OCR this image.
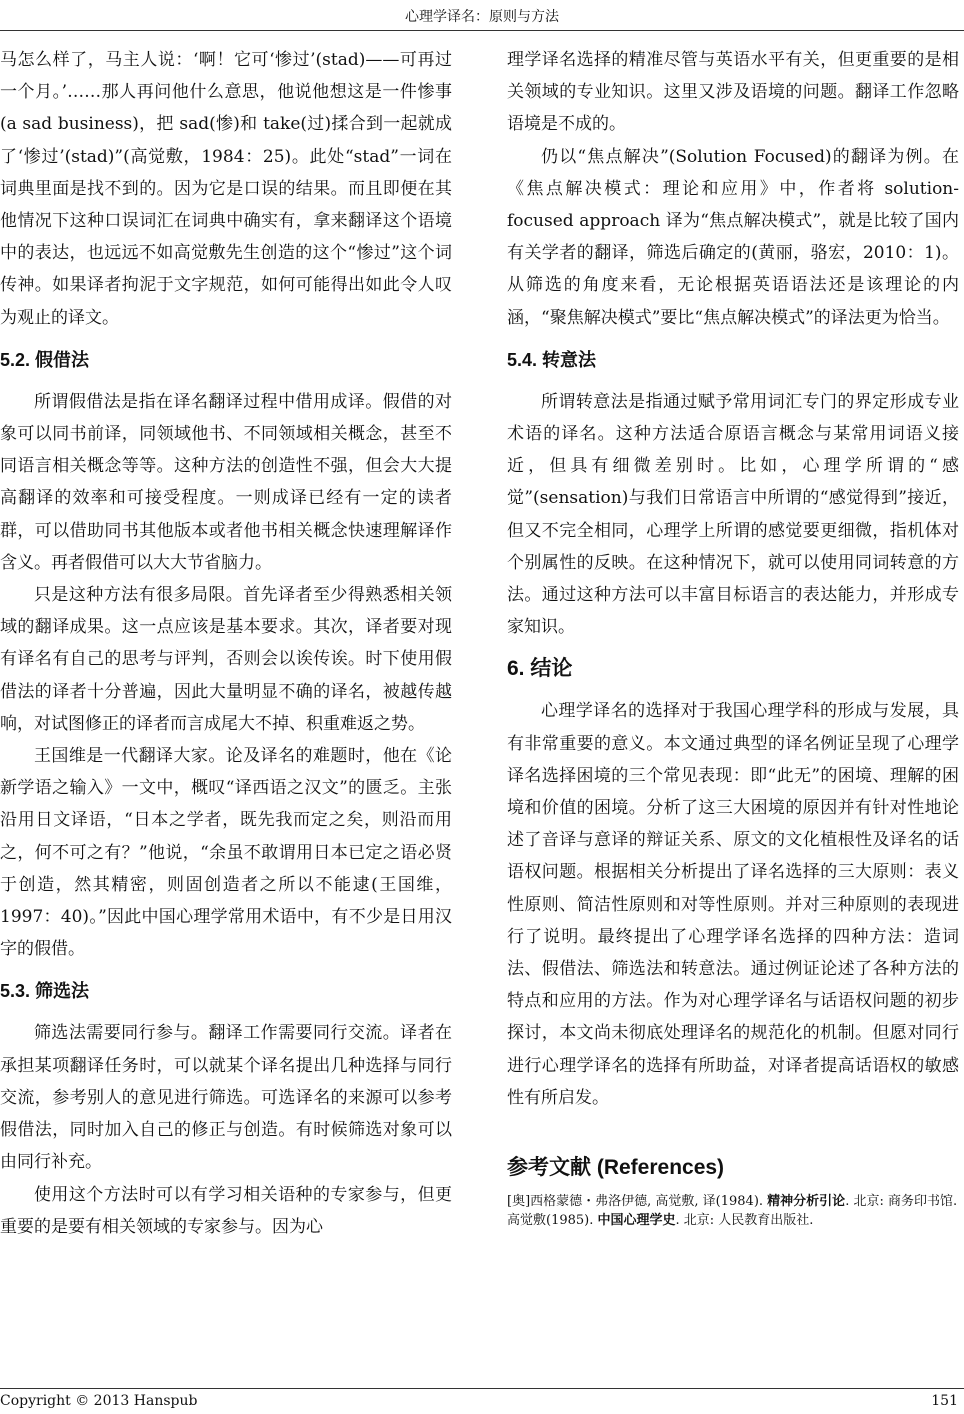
心理学译名：原则与方法

马怎么样了，马主人说：‘啊！它可‘惨过’(stad)——可再过一个月。’……那人再问他什么意思，他说他想这是一件惨事(a sad business)，把 sad(惨)和 take(过)揉合到一起就成了‘惨过’(stad)”(高觉敷，1984：25)。此处“stad”一词在词典里面是找不到的。因为它是口误的结果。而且即便在其他情况下这种口误词汇在词典中确实有，拿来翻译这个语境中的表达，也远远不如高觉敷先生创造的这个“惨过”这个词传神。如果译者拘泥于文字规范，如何可能得出如此令人叹为观止的译文。

5.2. 假借法

所谓假借法是指在译名翻译过程中借用成译。假借的对象可以同书前译，同领域他书、不同领域相关概念，甚至不同语言相关概念等等。这种方法的创造性不强，但会大大提高翻译的效率和可接受程度。一则成译已经有一定的读者群，可以借助同书其他版本或者他书相关概念快速理解译作含义。再者假借可以大大节省脑力。

只是这种方法有很多局限。首先译者至少得熟悉相关领域的翻译成果。这一点应该是基本要求。其次，译者要对现有译名有自己的思考与评判，否则会以诶传诶。时下使用假借法的译者十分普遍，因此大量明显不确的译名，被越传越响，对试图修正的译者而言成尾大不掉、积重难返之势。

王国维是一代翻译大家。论及译名的难题时，他在《论新学语之输入》一文中，概叹“译西语之汉文”的匮乏。主张沿用日文译语，“日本之学者，既先我而定之矣，则沿而用之，何不可之有？”他说，“余虽不敢谓用日本已定之语必贤于创造，然其精密，则固创造者之所以不能逮(王国维，1997：40)。”因此中国心理学常用术语中，有不少是日用汉字的假借。

5.3. 筛选法

筛选法需要同行参与。翻译工作需要同行交流。译者在承担某项翻译任务时，可以就某个译名提出几种选择与同行交流，参考别人的意见进行筛选。可选译名的来源可以参考假借法，同时加入自己的修正与创造。有时候筛选对象可以由同行补充。

使用这个方法时可以有学习相关语种的专家参与，但更重要的是要有相关领域的专家参与。因为心

理学译名选择的精准尽管与英语水平有关，但更重要的是相关领域的专业知识。这里又涉及语境的问题。翻译工作忽略语境是不成的。

仍以“焦点解决”(Solution Focused)的翻译为例。在《焦点解决模式：理论和应用》中，作者将 solution-focused approach 译为“焦点解决模式”，就是比较了国内有关学者的翻译，筛选后确定的(黄丽，骆宏，2010：1)。从筛选的角度来看，无论根据英语语法还是该理论的内涵，“聚焦解决模式”要比“焦点解决模式”的译法更为恰当。

5.4. 转意法

所谓转意法是指通过赋予常用词汇专门的界定形成专业术语的译名。这种方法适合原语言概念与某常用词语义接近，但具有细微差别时。比如，心理学所谓的“感觉”(sensation)与我们日常语言中所谓的“感觉得到”接近，但又不完全相同，心理学上所谓的感觉要更细微，指机体对个别属性的反映。在这种情况下，就可以使用同词转意的方法。通过这种方法可以丰富目标语言的表达能力，并形成专家知识。

6. 结论

心理学译名的选择对于我国心理学科的形成与发展，具有非常重要的意义。本文通过典型的译名例证呈现了心理学译名选择困境的三个常见表现：即“此无”的困境、理解的困境和价值的困境。分析了这三大困境的原因并有针对性地论述了音译与意译的辩证关系、原文的文化植根性及译名的话语权问题。根据相关分析提出了译名选择的三大原则：表义性原则、简洁性原则和对等性原则。并对三种原则的表现进行了说明。最终提出了心理学译名选择的四种方法：造词法、假借法、筛选法和转意法。通过例证论述了各种方法的特点和应用的方法。作为对心理学译名与话语权问题的初步探讨，本文尚未彻底处理译名的规范化的机制。但愿对同行进行心理学译名的选择有所助益，对译者提高话语权的敏感性有所启发。

参考文献 (References)

[奥]西格蒙德・弗洛伊德, 高觉敷, 译(1984). 精神分析引论. 北京: 商务印书馆.

高觉敷(1985). 中国心理学史. 北京: 人民教育出版社.

Copyright © 2013 Hanspub	151
